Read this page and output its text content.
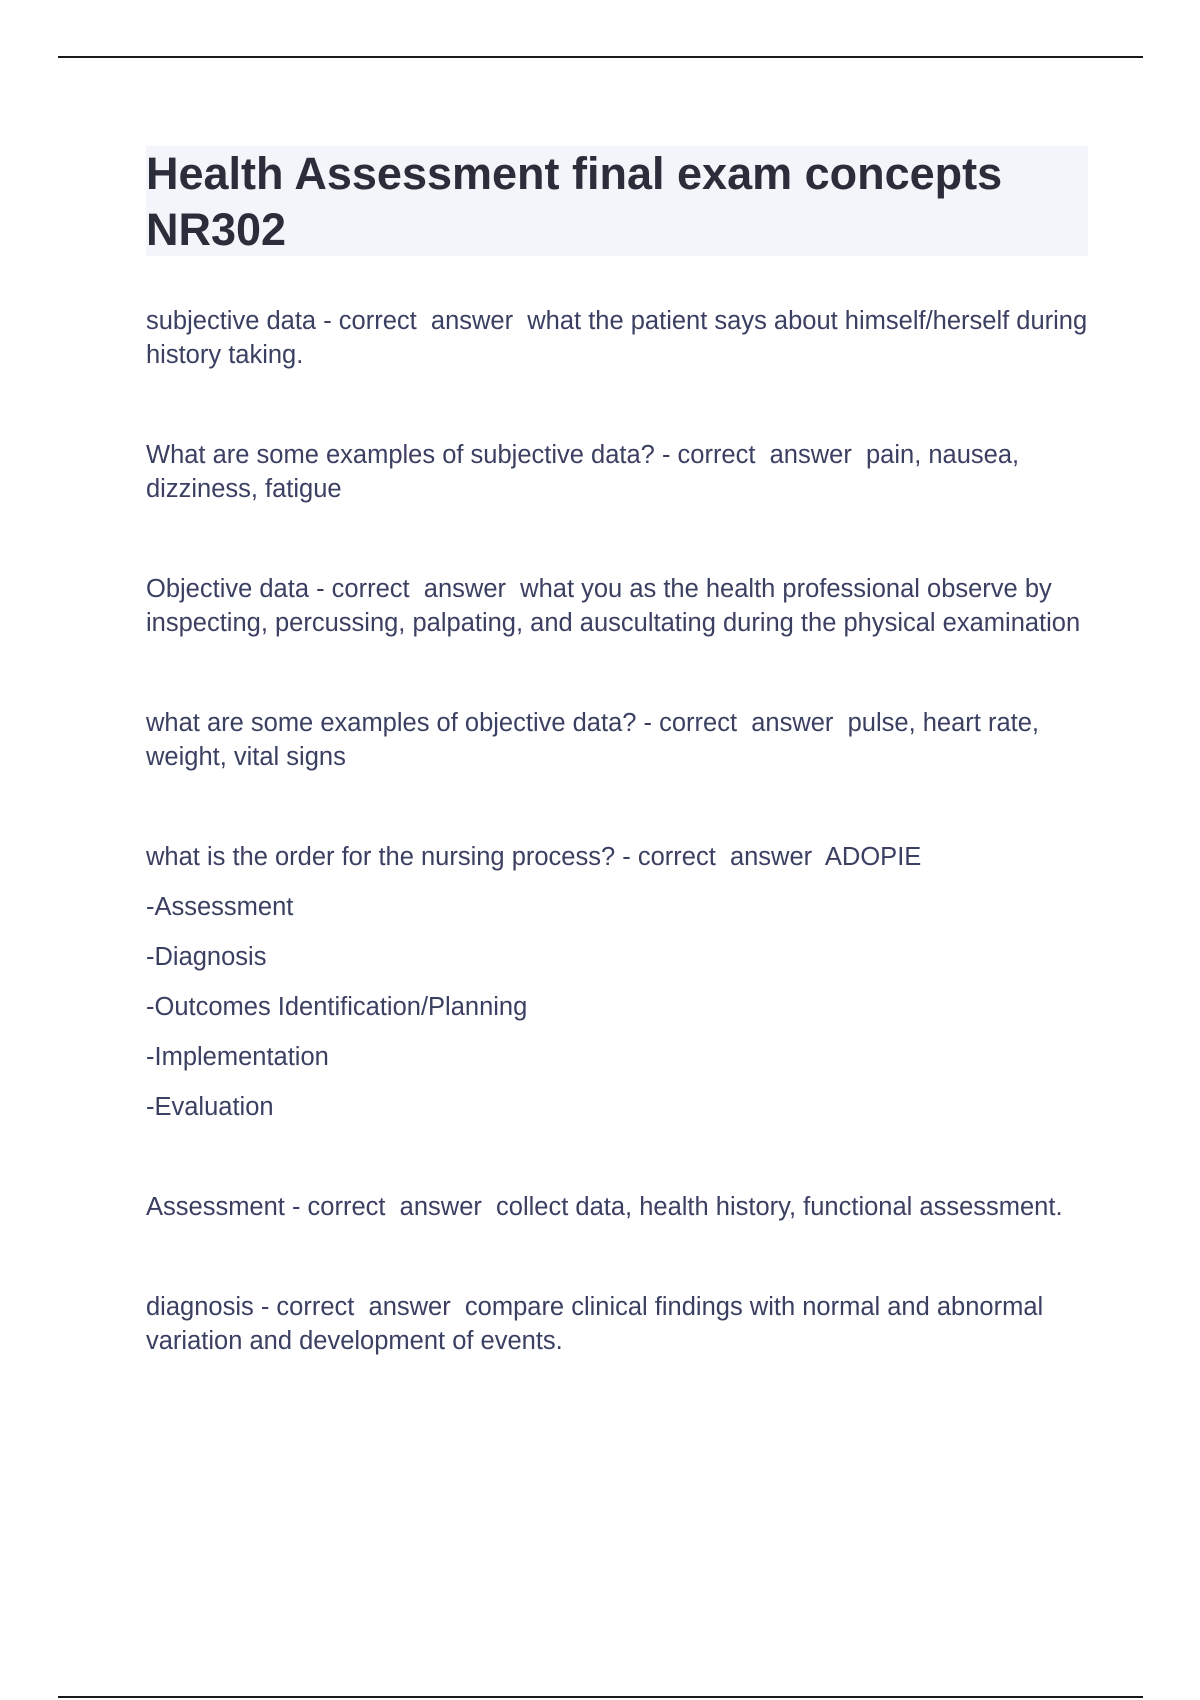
Health Assessment final exam concepts NR302

subjective data - correct  answer  what the patient says about himself/herself during history taking.

What are some examples of subjective data? - correct  answer  pain, nausea, dizziness, fatigue

Objective data - correct  answer  what you as the health professional observe by inspecting, percussing, palpating, and auscultating during the physical examination

what are some examples of objective data? - correct  answer  pulse, heart rate, weight, vital signs

what is the order for the nursing process? - correct  answer  ADOPIE

-Assessment
-Diagnosis
-Outcomes Identification/Planning
-Implementation
-Evaluation

Assessment - correct  answer  collect data, health history, functional assessment.

diagnosis - correct  answer  compare clinical findings with normal and abnormal variation and development of events.
